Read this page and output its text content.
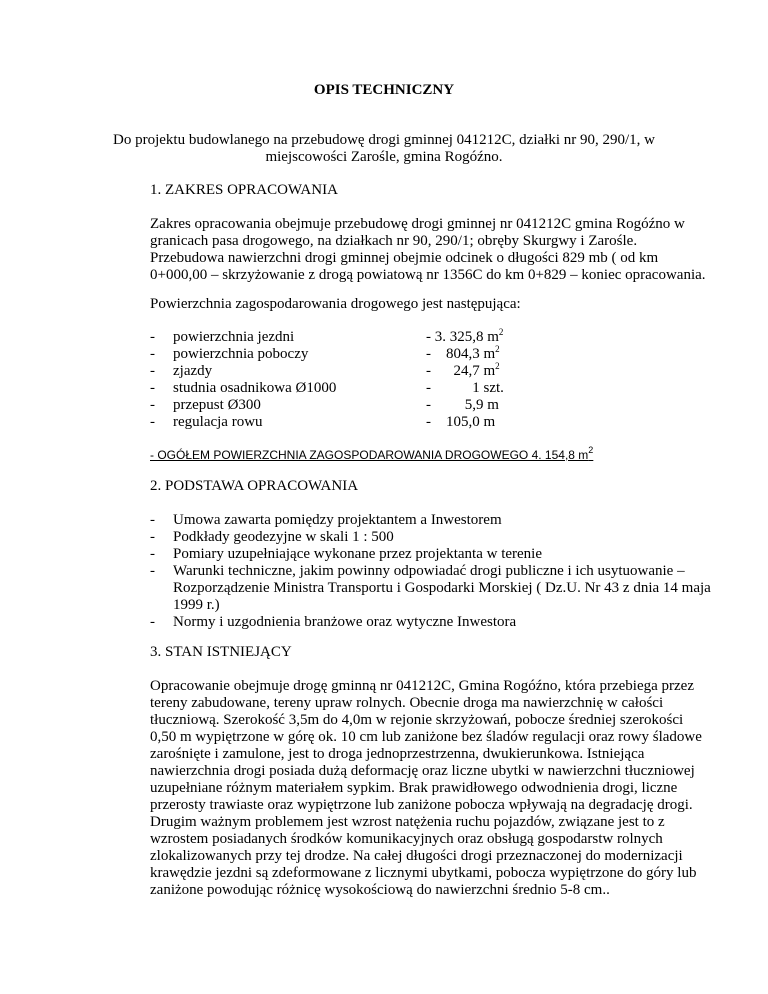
OPIS TECHNICZNY
Do projektu budowlanego na przebudowę drogi gminnej 041212C, działki nr 90, 290/1, w
miejscowości Zarośle, gmina Rogóźno.
1. ZAKRES OPRACOWANIA
Zakres opracowania obejmuje przebudowę drogi gminnej nr 041212C gmina Rogóźno w
granicach pasa drogowego, na działkach nr 90, 290/1; obręby Skurgwy i Zarośle.
Przebudowa nawierzchni drogi gminnej obejmie odcinek o długości 829 mb ( od km
0+000,00 – skrzyżowanie z drogą powiatową nr 1356C do km 0+829 – koniec opracowania.
Powierzchnia zagospodarowania drogowego jest następująca:
- powierzchnia jezdni	- 3. 325,8 $m^2$
- powierzchnia poboczy	-    804,3 $m^2$
- zjazdy	-      24,7 $m^2$
- studnia osadnikowa Ø1000	-           1 szt.
- przepust Ø300	-         5,9 m
- regulacja rowu	-    105,0 m
- OGÓŁEM POWIERZCHNIA ZAGOSPODAROWANIA DROGOWEGO 4. 154,8 $m^2$
2. PODSTAWA OPRACOWANIA
- Umowa zawarta pomiędzy projektantem a Inwestorem
- Podkłady geodezyjne w skali 1 : 500
- Pomiary uzupełniające wykonane przez projektanta w terenie
- Warunki techniczne, jakim powinny odpowiadać drogi publiczne i ich usytuowanie –
Rozporządzenie Ministra Transportu i Gospodarki Morskiej ( Dz.U. Nr 43 z dnia 14 maja
1999 r.)
- Normy i uzgodnienia branżowe oraz wytyczne Inwestora
3. STAN ISTNIEJĄCY
Opracowanie obejmuje drogę gminną nr 041212C, Gmina Rogóźno, która przebiega przez
tereny zabudowane, tereny upraw rolnych. Obecnie droga ma nawierzchnię w całości
tłuczniową. Szerokość 3,5m do 4,0m w rejonie skrzyżowań, pobocze średniej szerokości
0,50 m wypiętrzone w górę ok. 10 cm lub zaniżone bez śladów regulacji oraz rowy śladowe
zarośnięte i zamulone, jest to droga jednoprzestrzenna, dwukierunkowa. Istniejąca
nawierzchnia drogi posiada dużą deformację oraz liczne ubytki w nawierzchni tłuczniowej
uzupełniane różnym materiałem sypkim. Brak prawidłowego odwodnienia drogi, liczne
przerosty trawiaste oraz wypiętrzone lub zaniżone pobocza wpływają na degradację drogi.
Drugim ważnym problemem jest wzrost natężenia ruchu pojazdów, związane jest to z
wzrostem posiadanych środków komunikacyjnych oraz obsługą gospodarstw rolnych
zlokalizowanych przy tej drodze. Na całej długości drogi przeznaczonej do modernizacji
krawędzie jezdni są zdeformowane z licznymi ubytkami, pobocza wypiętrzone do góry lub
zaniżone powodując różnicę wysokościową do nawierzchni średnio 5-8 cm..
